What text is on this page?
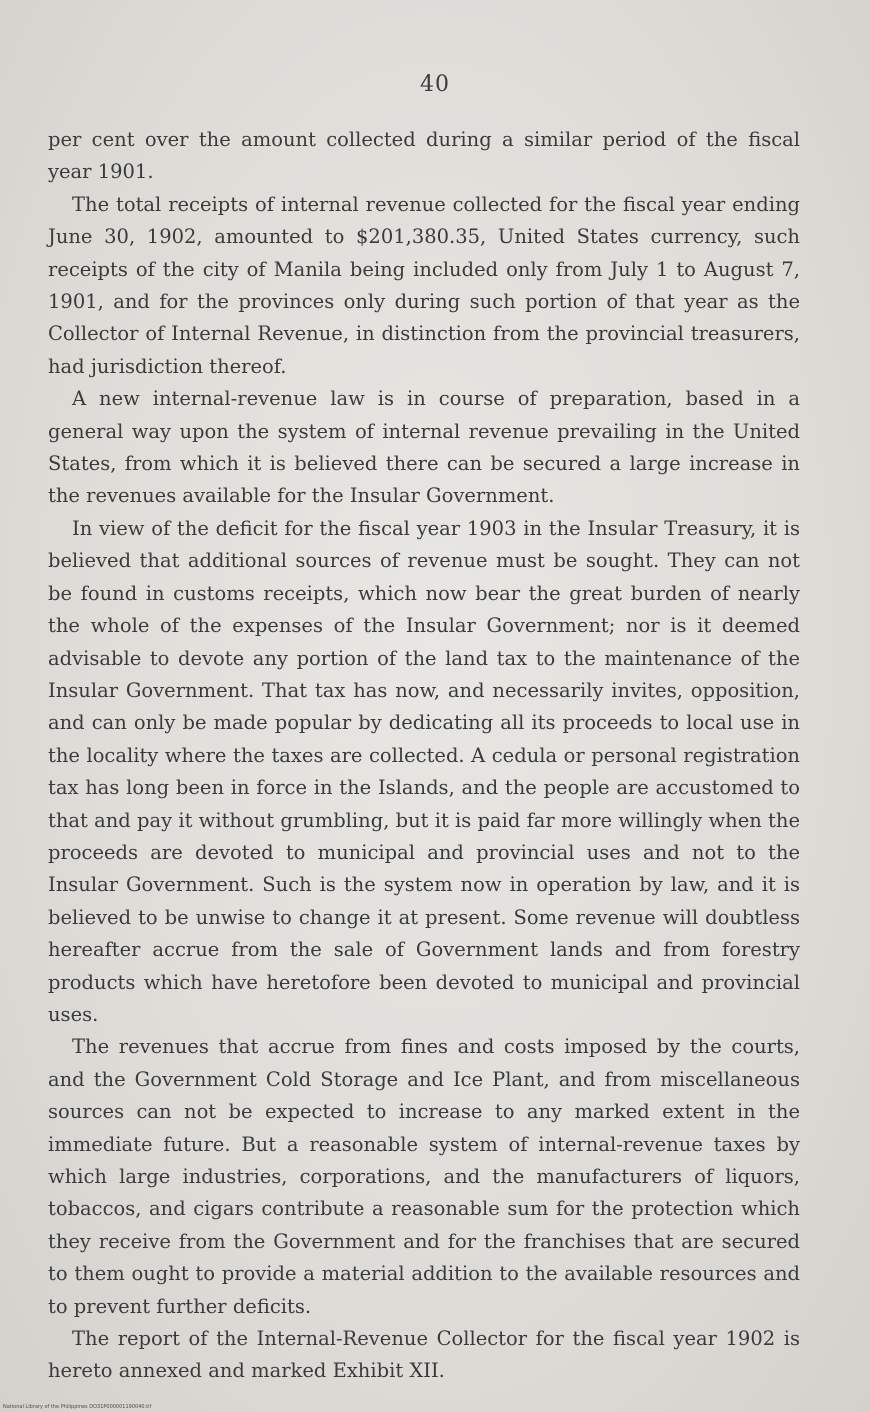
40

per cent over the amount collected during a similar period of the fiscal year 1901.

The total receipts of internal revenue collected for the fiscal year ending June 30, 1902, amounted to $201,380.35, United States currency, such receipts of the city of Manila being included only from July 1 to August 7, 1901, and for the provinces only during such portion of that year as the Collector of Internal Revenue, in distinction from the provincial treasurers, had jurisdiction thereof.

A new internal-revenue law is in course of preparation, based in a general way upon the system of internal revenue prevailing in the United States, from which it is believed there can be secured a large increase in the revenues available for the Insular Government.

In view of the deficit for the fiscal year 1903 in the Insular Treasury, it is believed that additional sources of revenue must be sought. They can not be found in customs receipts, which now bear the great burden of nearly the whole of the expenses of the Insular Government; nor is it deemed advisable to devote any portion of the land tax to the maintenance of the Insular Government. That tax has now, and necessarily invites, opposition, and can only be made popular by dedicating all its proceeds to local use in the locality where the taxes are collected. A cedula or personal registration tax has long been in force in the Islands, and the people are accustomed to that and pay it without grumbling, but it is paid far more willingly when the proceeds are devoted to municipal and provincial uses and not to the Insular Government. Such is the system now in operation by law, and it is believed to be unwise to change it at present. Some revenue will doubtless hereafter accrue from the sale of Government lands and from forestry products which have heretofore been devoted to municipal and provincial uses.

The revenues that accrue from fines and costs imposed by the courts, and the Government Cold Storage and Ice Plant, and from miscellaneous sources can not be expected to increase to any marked extent in the immediate future. But a reasonable system of internal-revenue taxes by which large industries, corporations, and the manufacturers of liquors, tobaccos, and cigars contribute a reasonable sum for the protection which they receive from the Government and for the franchises that are secured to them ought to provide a material addition to the available resources and to prevent further deficits.

The report of the Internal-Revenue Collector for the fiscal year 1902 is hereto annexed and marked Exhibit XII.

National Library of the Philippines DO31P000001190040.tif
